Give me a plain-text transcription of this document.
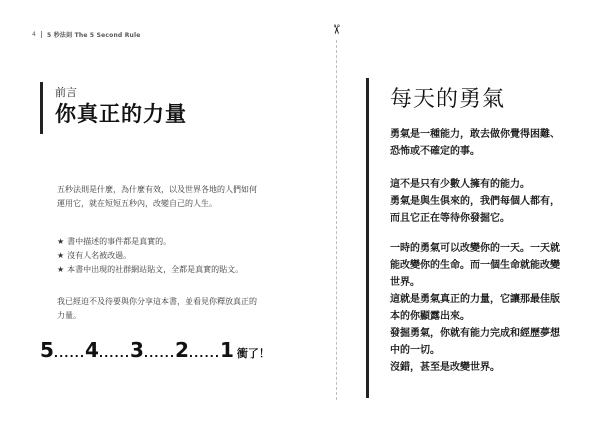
4 5 秒法則 The 5 Second Rule
前言
你真正的力量
五秒法則是什麼，為什麼有效，以及世界各地的人們如何
運用它，就在短短五秒內，改變自己的人生。
★ 書中描述的事件都是真實的。
★ 沒有人名被改過。
★ 本書中出現的社群網站貼文，全都是真實的貼文。
我已經迫不及待要與你分享這本書，並看見你釋放真正的
力量。
5 ...... 4 ...... 3 ...... 2 ...... 1 衝了！
✂
每天的勇氣
勇氣是一種能力，敢去做你覺得困難、
恐怖或不確定的事。
這不是只有少數人擁有的能力。
勇氣是與生俱來的，我們每個人都有，
而且它正在等待你發掘它。
一時的勇氣可以改變你的一天。一天就
能改變你的生命。而一個生命就能改變
世界。
這就是勇氣真正的力量，它讓那最佳版
本的你顯露出來。
發掘勇氣，你就有能力完成和經歷夢想
中的一切。
沒錯，甚至是改變世界。
